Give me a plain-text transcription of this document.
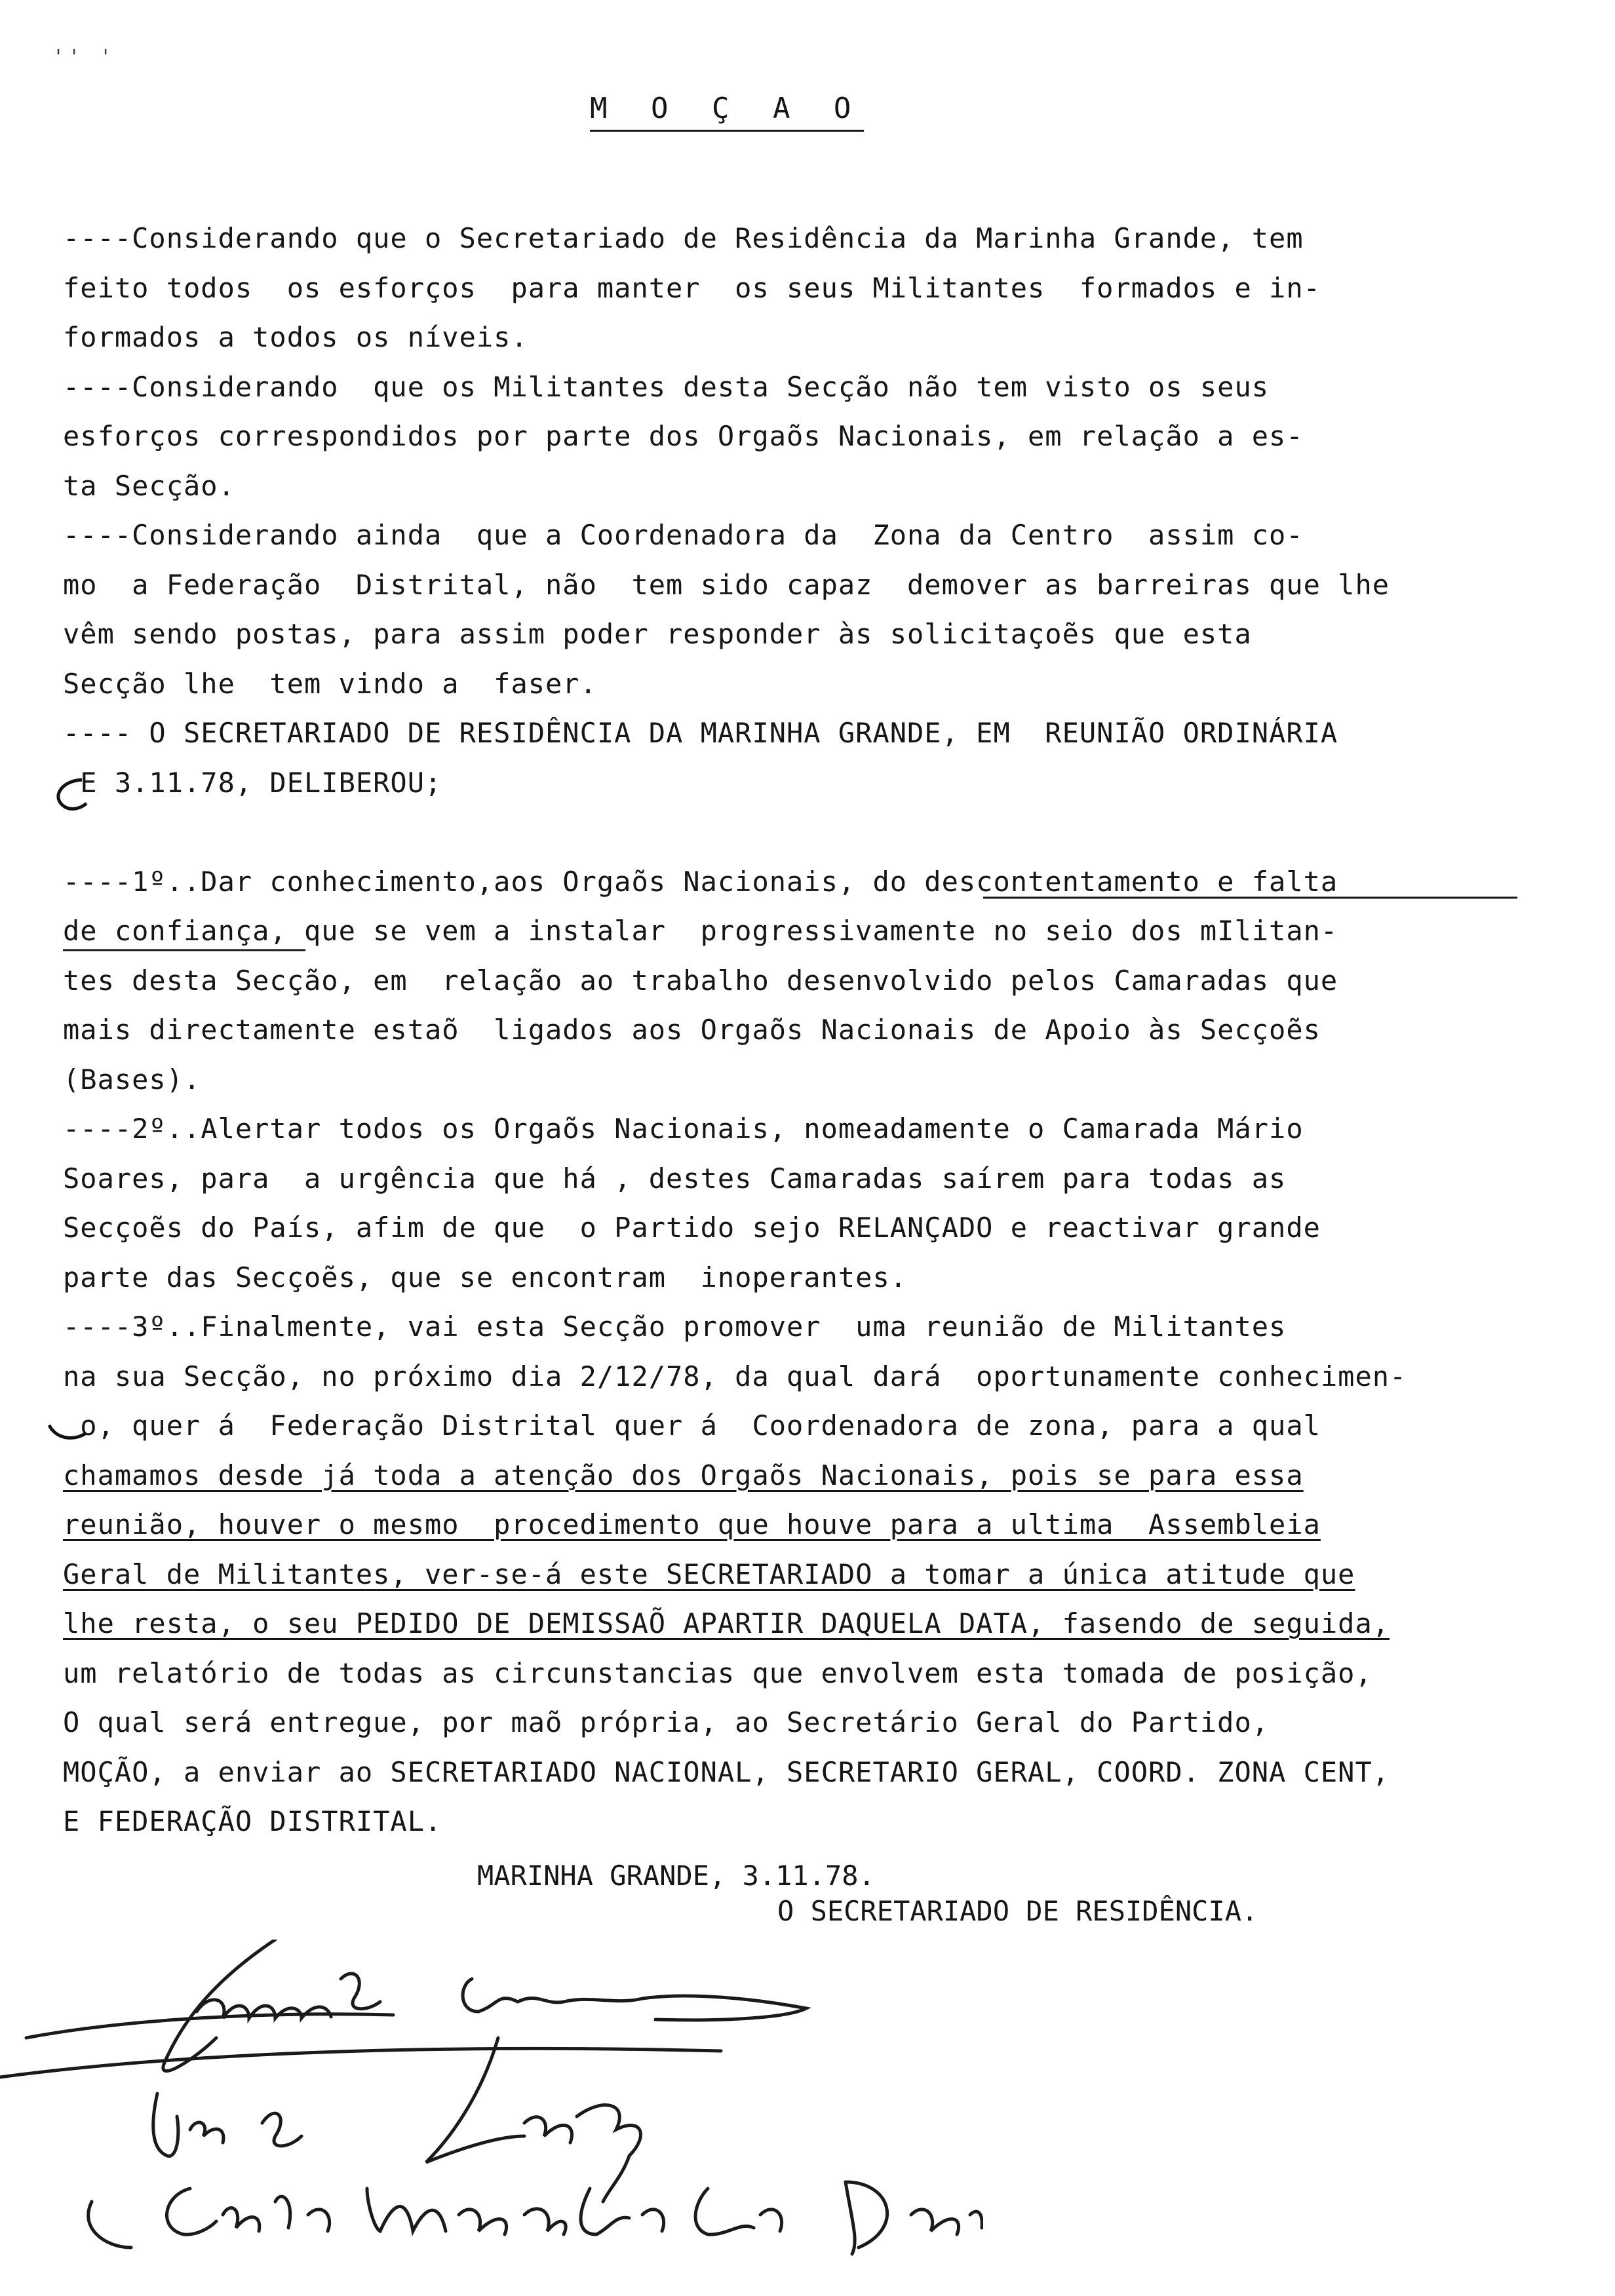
'' '
M O Ç A O
----Considerando que o Secretariado de Residência da Marinha Grande, tem
feito todos  os esforços  para manter  os seus Militantes  formados e in-
formados a todos os níveis.
----Considerando  que os Militantes desta Secção não tem visto os seus
esforços correspondidos por parte dos Orgaõs Nacionais, em relação a es-
ta Secção.
----Considerando ainda  que a Coordenadora da  Zona da Centro  assim co-
mo  a Federação  Distrital, não  tem sido capaz  demover as barreiras que lhe
vêm sendo postas, para assim poder responder às solicitaçoẽs que esta
Secção lhe  tem vindo a  faser.
---- O SECRETARIADO DE RESIDÊNCIA DA MARINHA GRANDE, EM  REUNIÃO ORDINÁRIA
E 3.11.78, DELIBEROU;
----1º..Dar conhecimento,aos Orgaõs Nacionais, do descontentamento e falta
de confiança, que se vem a instalar  progressivamente no seio dos mIlitan-
tes desta Secção, em  relação ao trabalho desenvolvido pelos Camaradas que
mais directamente estaõ  ligados aos Orgaõs Nacionais de Apoio às Secçoẽs
(Bases).
----2º..Alertar todos os Orgaõs Nacionais, nomeadamente o Camarada Mário
Soares, para  a urgência que há , destes Camaradas saírem para todas as
Secçoẽs do País, afim de que  o Partido sejo RELANÇADO e reactivar grande
parte das Secçoẽs, que se encontram  inoperantes.
----3º..Finalmente, vai esta Secção promover  uma reunião de Militantes
na sua Secção, no próximo dia 2/12/78, da qual dará  oportunamente conhecimen-
o, quer á  Federação Distrital quer á  Coordenadora de zona, para a qual
chamamos desde já toda a atenção dos Orgaõs Nacionais, pois se para essa
reunião, houver o mesmo  procedimento que houve para a ultima  Assembleia
Geral de Militantes, ver-se-á este SECRETARIADO a tomar a única atitude que
lhe resta, o seu PEDIDO DE DEMISSAÕ APARTIR DAQUELA DATA, fasendo de seguida,
um relatório de todas as circunstancias que envolvem esta tomada de posição,
O qual será entregue, por maõ própria, ao Secretário Geral do Partido,
MOÇÃO, a enviar ao SECRETARIADO NACIONAL, SECRETARIO GERAL, COORD. ZONA CENT,
E FEDERAÇÃO DISTRITAL.
MARINHA GRANDE, 3.11.78.
O SECRETARIADO DE RESIDÊNCIA.
